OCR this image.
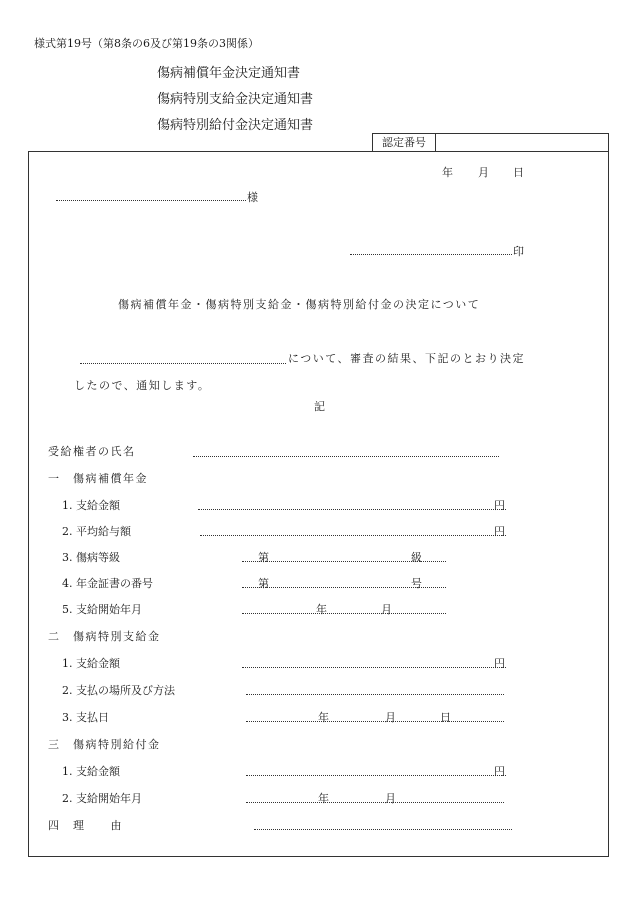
様式第19号（第8条の6及び第19条の3関係）
傷病補償年金決定通知書
傷病特別支給金決定通知書
傷病特別給付金決定通知書
認定番号
年 月 日
様
印
傷病補償年金・傷病特別支給金・傷病特別給付金の決定について
について、審査の結果、下記のとおり決定
したので、通知します。
記
受給権者の氏名
一　傷病補償年金
1. 支給金額	円
2. 平均給与額	円
3. 傷病等級	第	級
4. 年金証書の番号	第	号
5. 支給開始年月	年	月
二　傷病特別支給金
1. 支給金額	円
2. 支払の場所及び方法
3. 支払日	年	月	日
三　傷病特別給付金
1. 支給金額	円
2. 支給開始年月	年	月
四　理　　由
